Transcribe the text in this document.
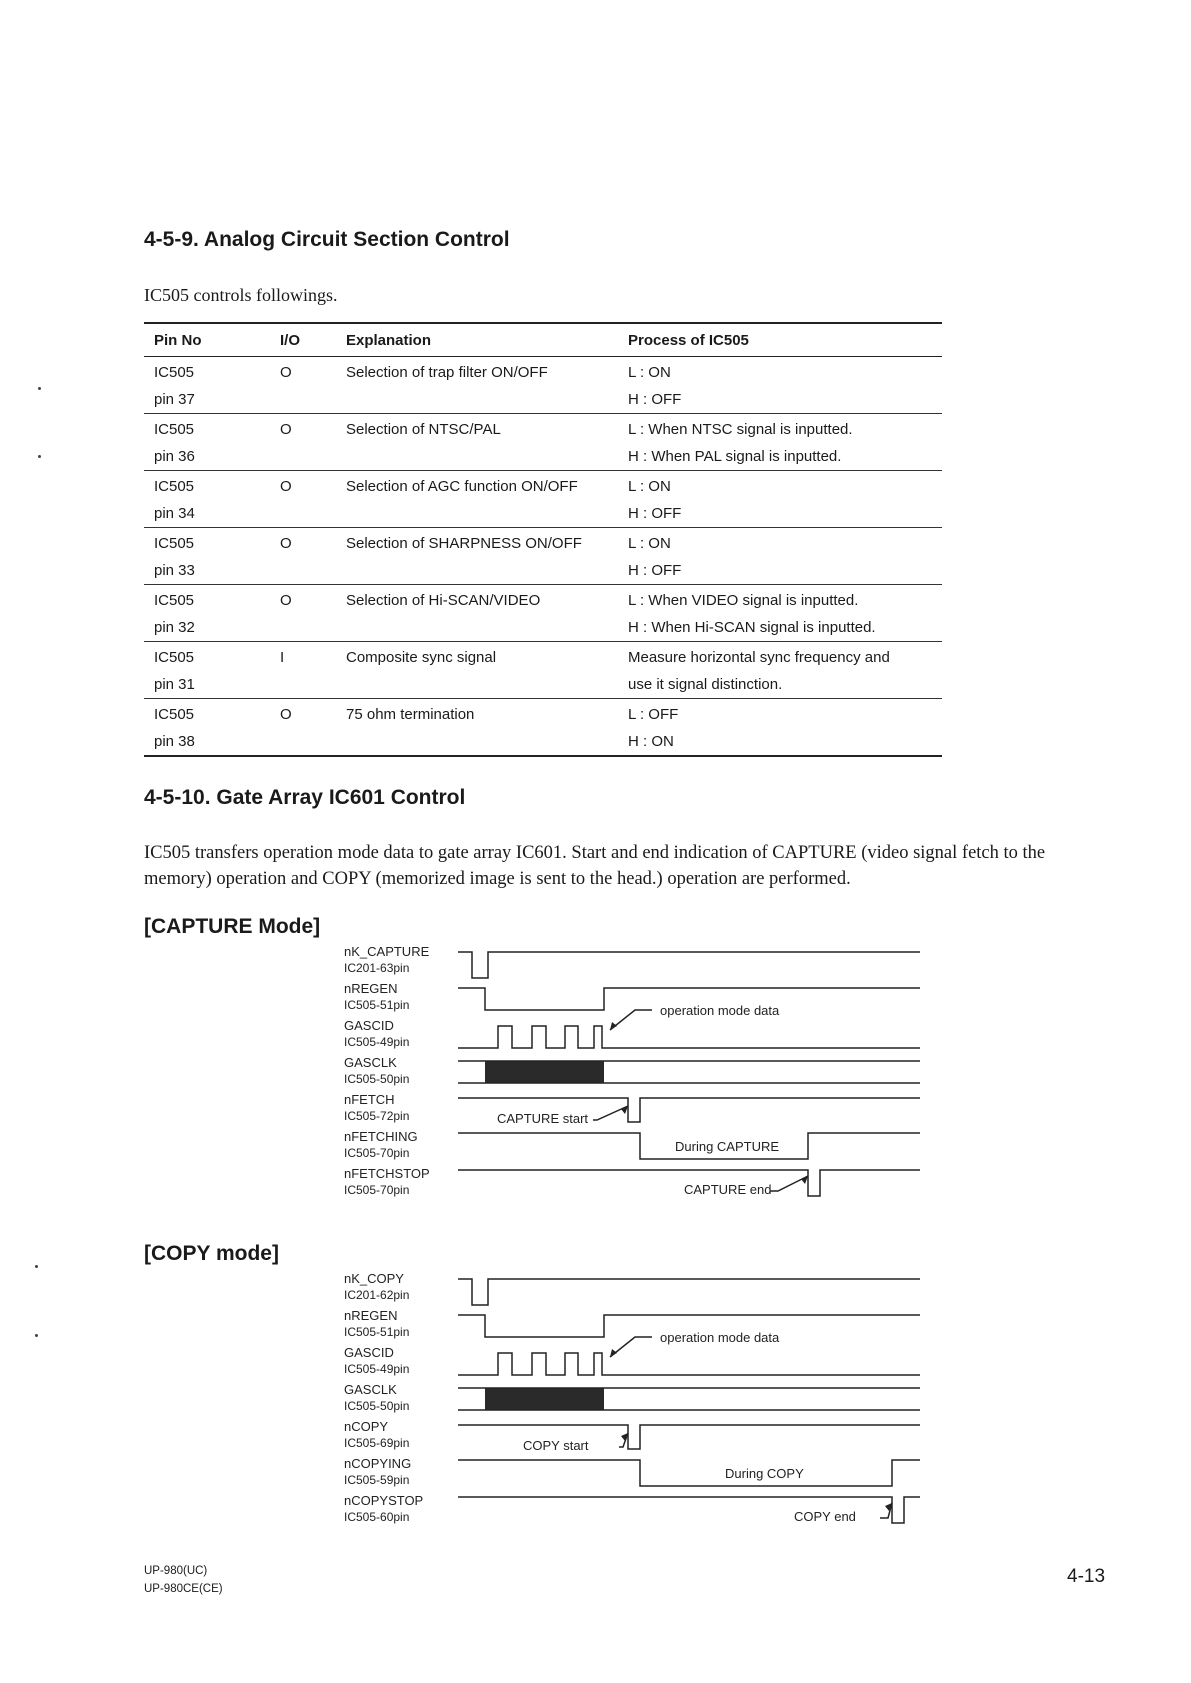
4-5-9. Analog Circuit Section Control
IC505 controls followings.
Pin No	I/O	Explanation	Process of IC505
IC505	O	Selection of trap filter ON/OFF	L : ON
pin 37			H : OFF
IC505	O	Selection of NTSC/PAL	L : When NTSC signal is inputted.
pin 36			H : When PAL signal is inputted.
IC505	O	Selection of AGC function ON/OFF	L : ON
pin 34			H : OFF
IC505	O	Selection of SHARPNESS ON/OFF	L : ON
pin 33			H : OFF
IC505	O	Selection of Hi-SCAN/VIDEO	L : When VIDEO signal is inputted.
pin 32			H : When Hi-SCAN signal is inputted.
IC505	I	Composite sync signal	Measure horizontal sync frequency and
pin 31			use it signal distinction.
IC505	O	75 ohm termination	L : OFF
pin 38			H : ON
4-5-10. Gate Array IC601 Control
IC505 transfers operation mode data to gate array IC601. Start and end indication of CAPTURE (video signal fetch to the memory) operation and COPY (memorized image is sent to the head.) operation are performed.
[CAPTURE Mode]
nK_CAPTURE
IC201-63pin
nREGEN
IC505-51pin
GASCID
IC505-49pin
GASCLK
IC505-50pin
nFETCH
IC505-72pin
nFETCHING
IC505-70pin
nFETCHSTOP
IC505-70pin
operation mode data
CAPTURE start
During CAPTURE
CAPTURE end
[COPY mode]
nK_COPY
IC201-62pin
nREGEN
IC505-51pin
GASCID
IC505-49pin
GASCLK
IC505-50pin
nCOPY
IC505-69pin
nCOPYING
IC505-59pin
nCOPYSTOP
IC505-60pin
operation mode data
COPY start
During COPY
COPY end
UP-980(UC)
UP-980CE(CE)
4-13
